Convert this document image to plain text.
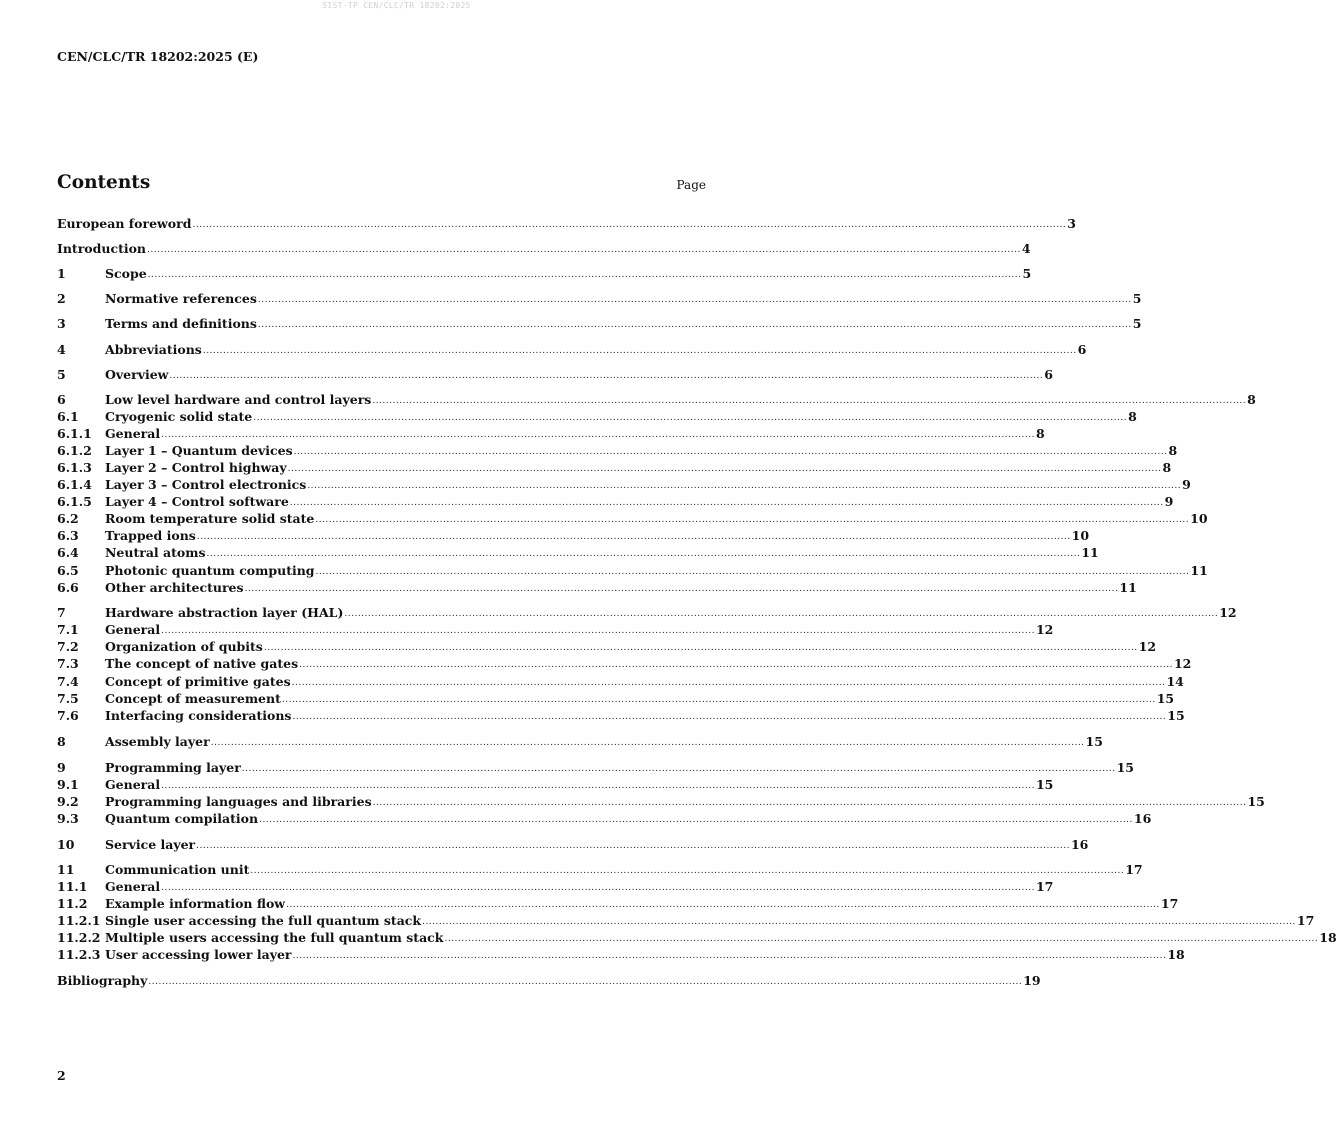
SIST-TP CEN/CLC/TR 18202:2025
CEN/CLC/TR 18202:2025 (E)
Contents	Page
European foreword .................................................................................................................................................................................................................................................................... 3
Introduction .................................................................................................................................................................................................................................................................... 4
1	Scope .................................................................................................................................................................................................................................................................... 5
2	Normative references .................................................................................................................................................................................................................................................................... 5
3	Terms and definitions .................................................................................................................................................................................................................................................................... 5
4	Abbreviations .................................................................................................................................................................................................................................................................... 6
5	Overview .................................................................................................................................................................................................................................................................... 6
6	Low level hardware and control layers .................................................................................................................................................................................................................................................................... 8
6.1	Cryogenic solid state .................................................................................................................................................................................................................................................................... 8
6.1.1	General .................................................................................................................................................................................................................................................................... 8
6.1.2	Layer 1 – Quantum devices .................................................................................................................................................................................................................................................................... 8
6.1.3	Layer 2 – Control highway .................................................................................................................................................................................................................................................................... 8
6.1.4	Layer 3 – Control electronics .................................................................................................................................................................................................................................................................... 9
6.1.5	Layer 4 – Control software .................................................................................................................................................................................................................................................................... 9
6.2	Room temperature solid state .................................................................................................................................................................................................................................................................... 10
6.3	Trapped ions .................................................................................................................................................................................................................................................................... 10
6.4	Neutral atoms .................................................................................................................................................................................................................................................................... 11
6.5	Photonic quantum computing .................................................................................................................................................................................................................................................................... 11
6.6	Other architectures .................................................................................................................................................................................................................................................................... 11
7	Hardware abstraction layer (HAL) .................................................................................................................................................................................................................................................................... 12
7.1	General .................................................................................................................................................................................................................................................................... 12
7.2	Organization of qubits .................................................................................................................................................................................................................................................................... 12
7.3	The concept of native gates .................................................................................................................................................................................................................................................................... 12
7.4	Concept of primitive gates .................................................................................................................................................................................................................................................................... 14
7.5	Concept of measurement .................................................................................................................................................................................................................................................................... 15
7.6	Interfacing considerations .................................................................................................................................................................................................................................................................... 15
8	Assembly layer .................................................................................................................................................................................................................................................................... 15
9	Programming layer .................................................................................................................................................................................................................................................................... 15
9.1	General .................................................................................................................................................................................................................................................................... 15
9.2	Programming languages and libraries .................................................................................................................................................................................................................................................................... 15
9.3	Quantum compilation .................................................................................................................................................................................................................................................................... 16
10	Service layer .................................................................................................................................................................................................................................................................... 16
11	Communication unit .................................................................................................................................................................................................................................................................... 17
11.1	General .................................................................................................................................................................................................................................................................... 17
11.2	Example information flow .................................................................................................................................................................................................................................................................... 17
11.2.1 Single user accessing the full quantum stack .................................................................................................................................................................................................................................................................... 17
11.2.2 Multiple users accessing the full quantum stack .................................................................................................................................................................................................................................................................... 18
11.2.3 User accessing lower layer .................................................................................................................................................................................................................................................................... 18
Bibliography .................................................................................................................................................................................................................................................................... 19
2
